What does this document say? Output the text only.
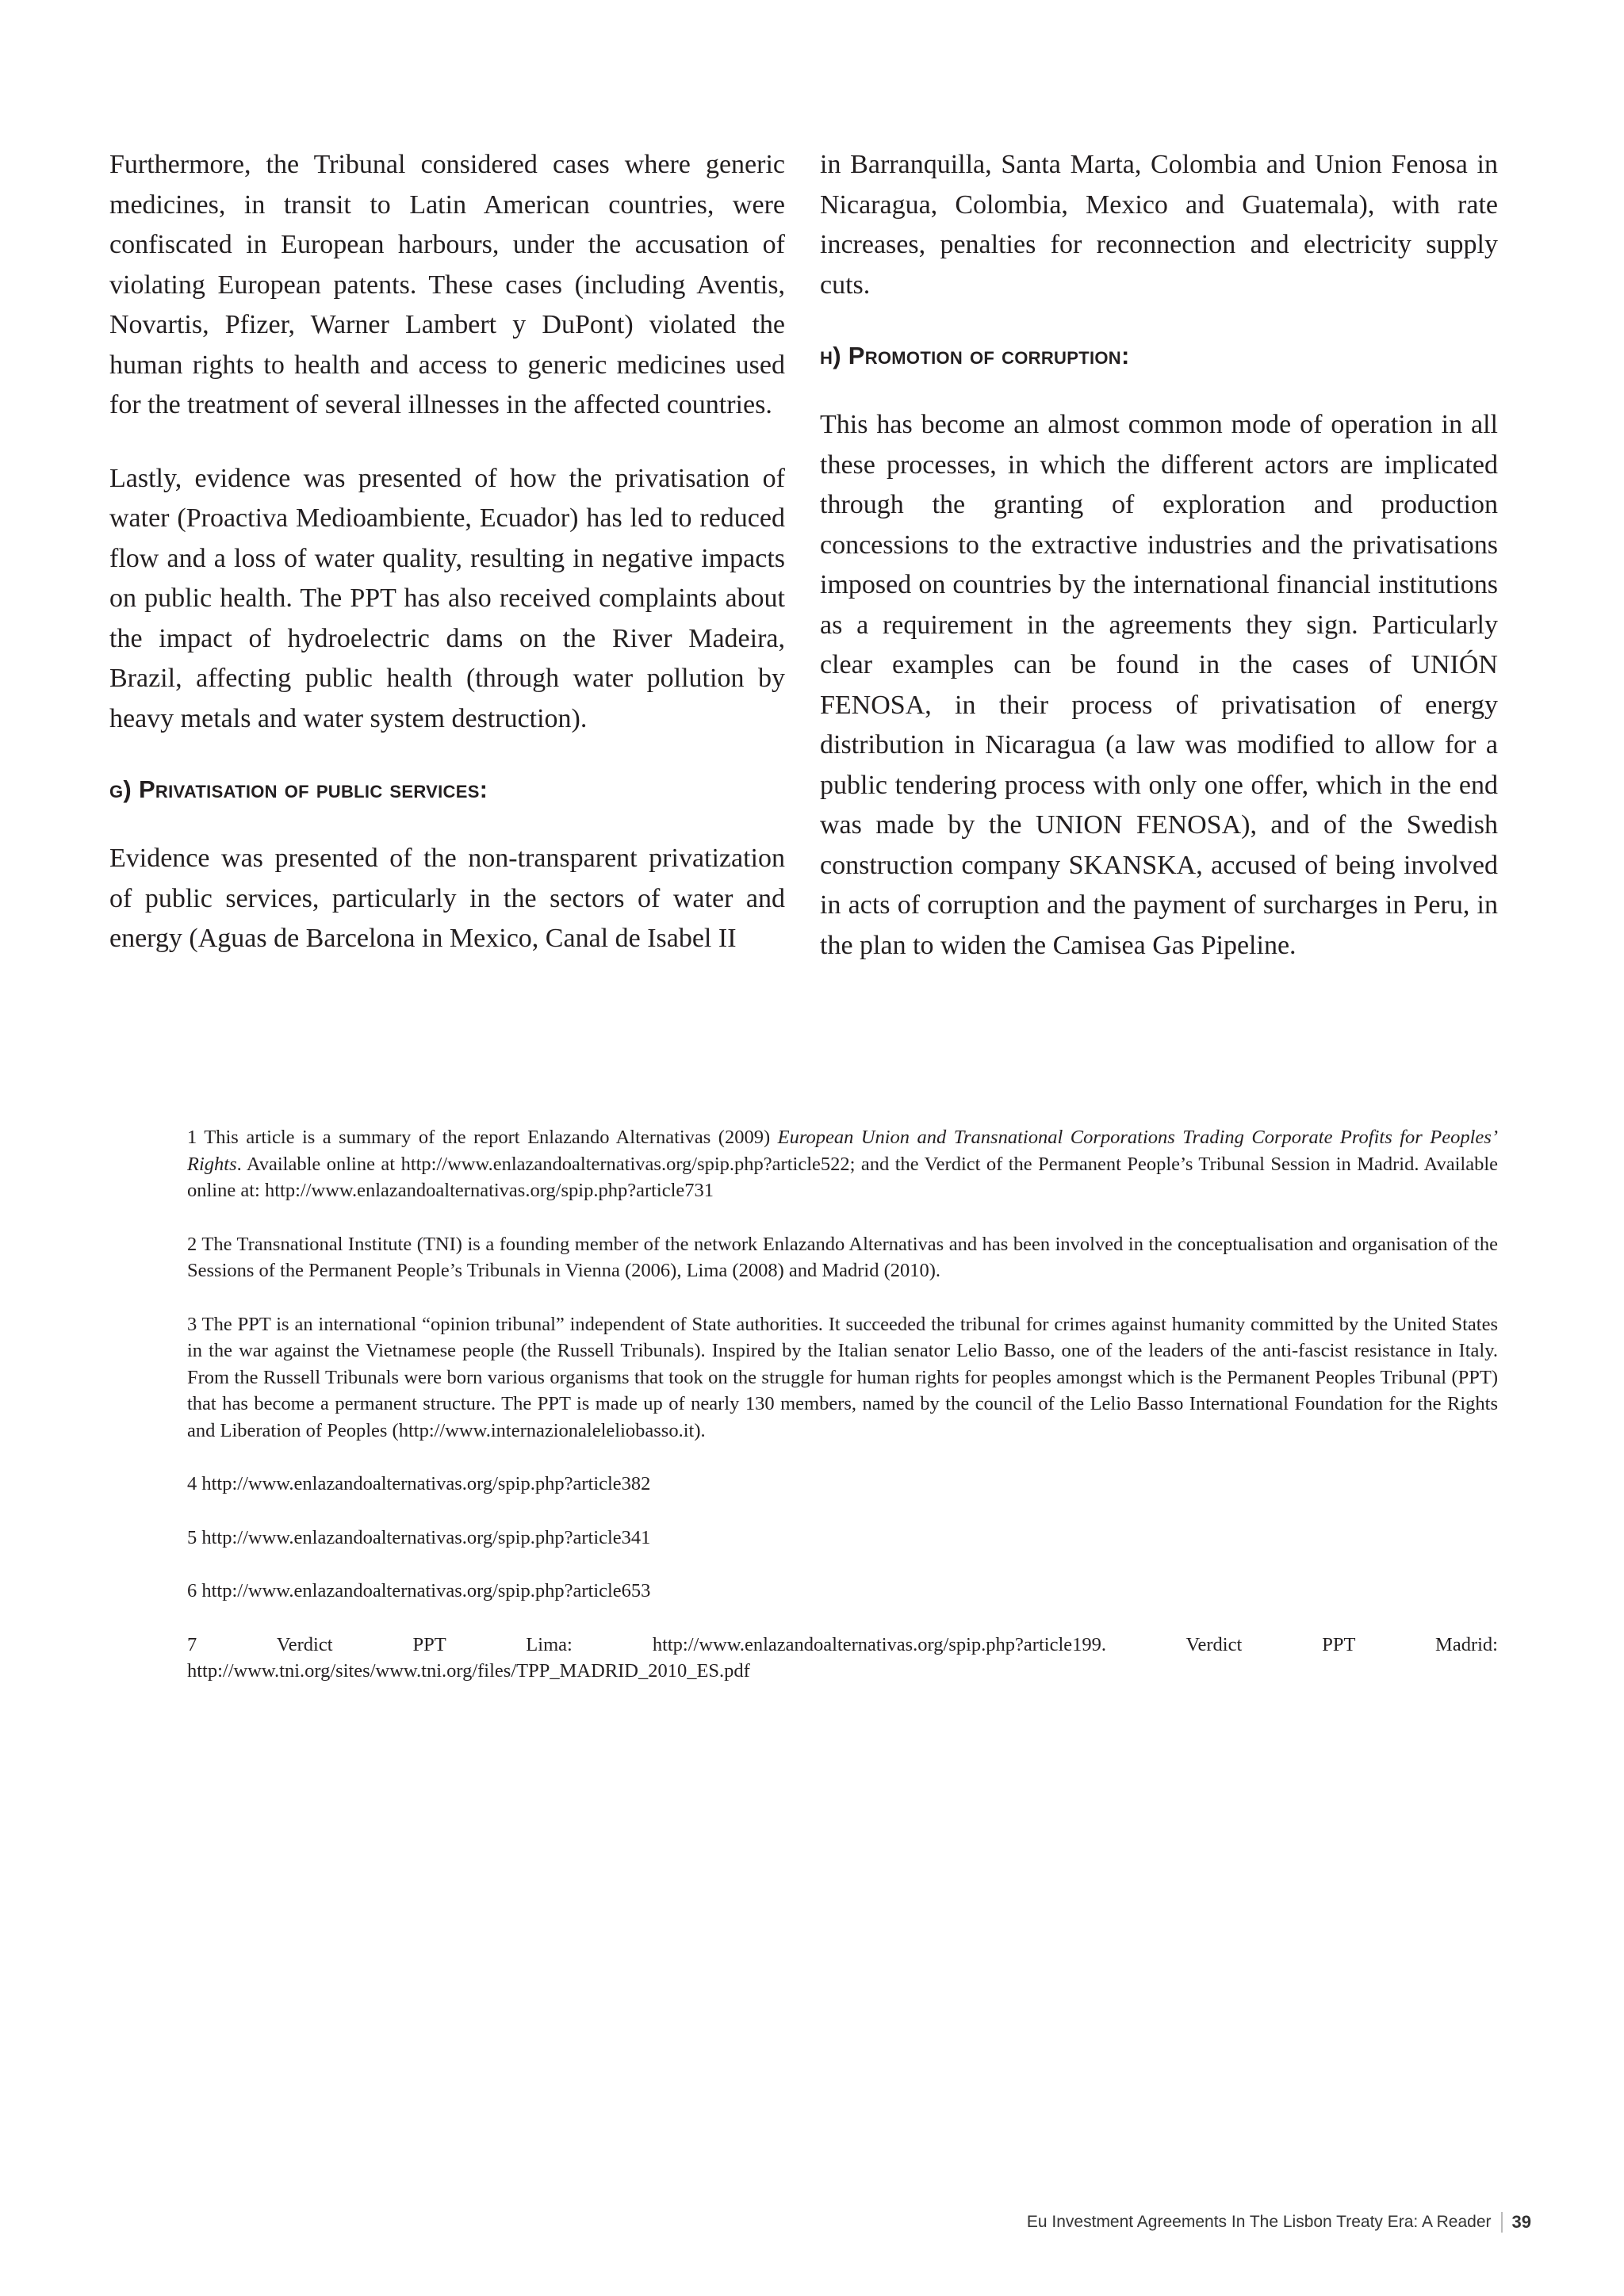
Furthermore, the Tribunal considered cases where generic medicines, in transit to Latin American countries, were confiscated in European harbours, under the accusation of violating European patents. These cases (including Aventis, Novartis, Pfizer, Warner Lambert y DuPont) violated the human rights to health and access to generic medicines used for the treatment of several illnesses in the affected countries.

Lastly, evidence was presented of how the privatisation of water (Proactiva Medioambiente, Ecuador) has led to reduced flow and a loss of water quality, resulting in negative impacts on public health. The PPT has also received complaints about the impact of hydroelectric dams on the River Madeira, Brazil, affecting public health (through water pollution by heavy metals and water system destruction).

g) Privatisation of public services:

Evidence was presented of the non-transparent privatization of public services, particularly in the sectors of water and energy (Aguas de Barcelona in Mexico, Canal de Isabel II

in Barranquilla, Santa Marta, Colombia and Union Fenosa in Nicaragua, Colombia, Mexico and Guatemala), with rate increases, penalties for reconnection and electricity supply cuts.

h) Promotion of corruption:

This has become an almost common mode of operation in all these processes, in which the different actors are implicated through the granting of exploration and production concessions to the extractive industries and the privatisations imposed on countries by the international financial institutions as a requirement in the agreements they sign. Particularly clear examples can be found in the cases of UNIÓN FENOSA, in their process of privatisation of energy distribution in Nicaragua (a law was modified to allow for a public tendering process with only one offer, which in the end was made by the UNION FENOSA), and of the Swedish construction company SKANSKA, accused of being involved in acts of corruption and the payment of surcharges in Peru, in the plan to widen the Camisea Gas Pipeline.

1 This article is a summary of the report Enlazando Alternativas (2009) European Union and Transnational Corporations Trading Corporate Profits for Peoples’ Rights. Available online at http://www.enlazandoalternativas.org/spip.php?article522; and the Verdict of the Permanent People’s Tribunal Session in Madrid. Available online at: http://www.enlazandoalternativas.org/spip.php?article731

2 The Transnational Institute (TNI) is a founding member of the network Enlazando Alternativas and has been involved in the conceptualisation and organisation of the Sessions of the Permanent People’s Tribunals in Vienna (2006), Lima (2008) and Madrid (2010).

3 The PPT is an international “opinion tribunal” independent of State authorities. It succeeded the tribunal for crimes against humanity committed by the United States in the war against the Vietnamese people (the Russell Tribunals). Inspired by the Italian senator Lelio Basso, one of the leaders of the anti-fascist resistance in Italy. From the Russell Tribunals were born various organisms that took on the struggle for human rights for peoples amongst which is the Permanent Peoples Tribunal (PPT) that has become a permanent structure. The PPT is made up of nearly 130 members, named by the council of the Lelio Basso International Foundation for the Rights and Liberation of Peoples (http://www.internazionaleleliobasso.it).

4 http://www.enlazandoalternativas.org/spip.php?article382

5 http://www.enlazandoalternativas.org/spip.php?article341

6 http://www.enlazandoalternativas.org/spip.php?article653

7 Verdict PPT Lima: http://www.enlazandoalternativas.org/spip.php?article199. Verdict PPT Madrid: http://www.tni.org/sites/www.tni.org/files/TPP_MADRID_2010_ES.pdf

Eu Investment Agreements In The Lisbon Treaty Era: A Reader 39
